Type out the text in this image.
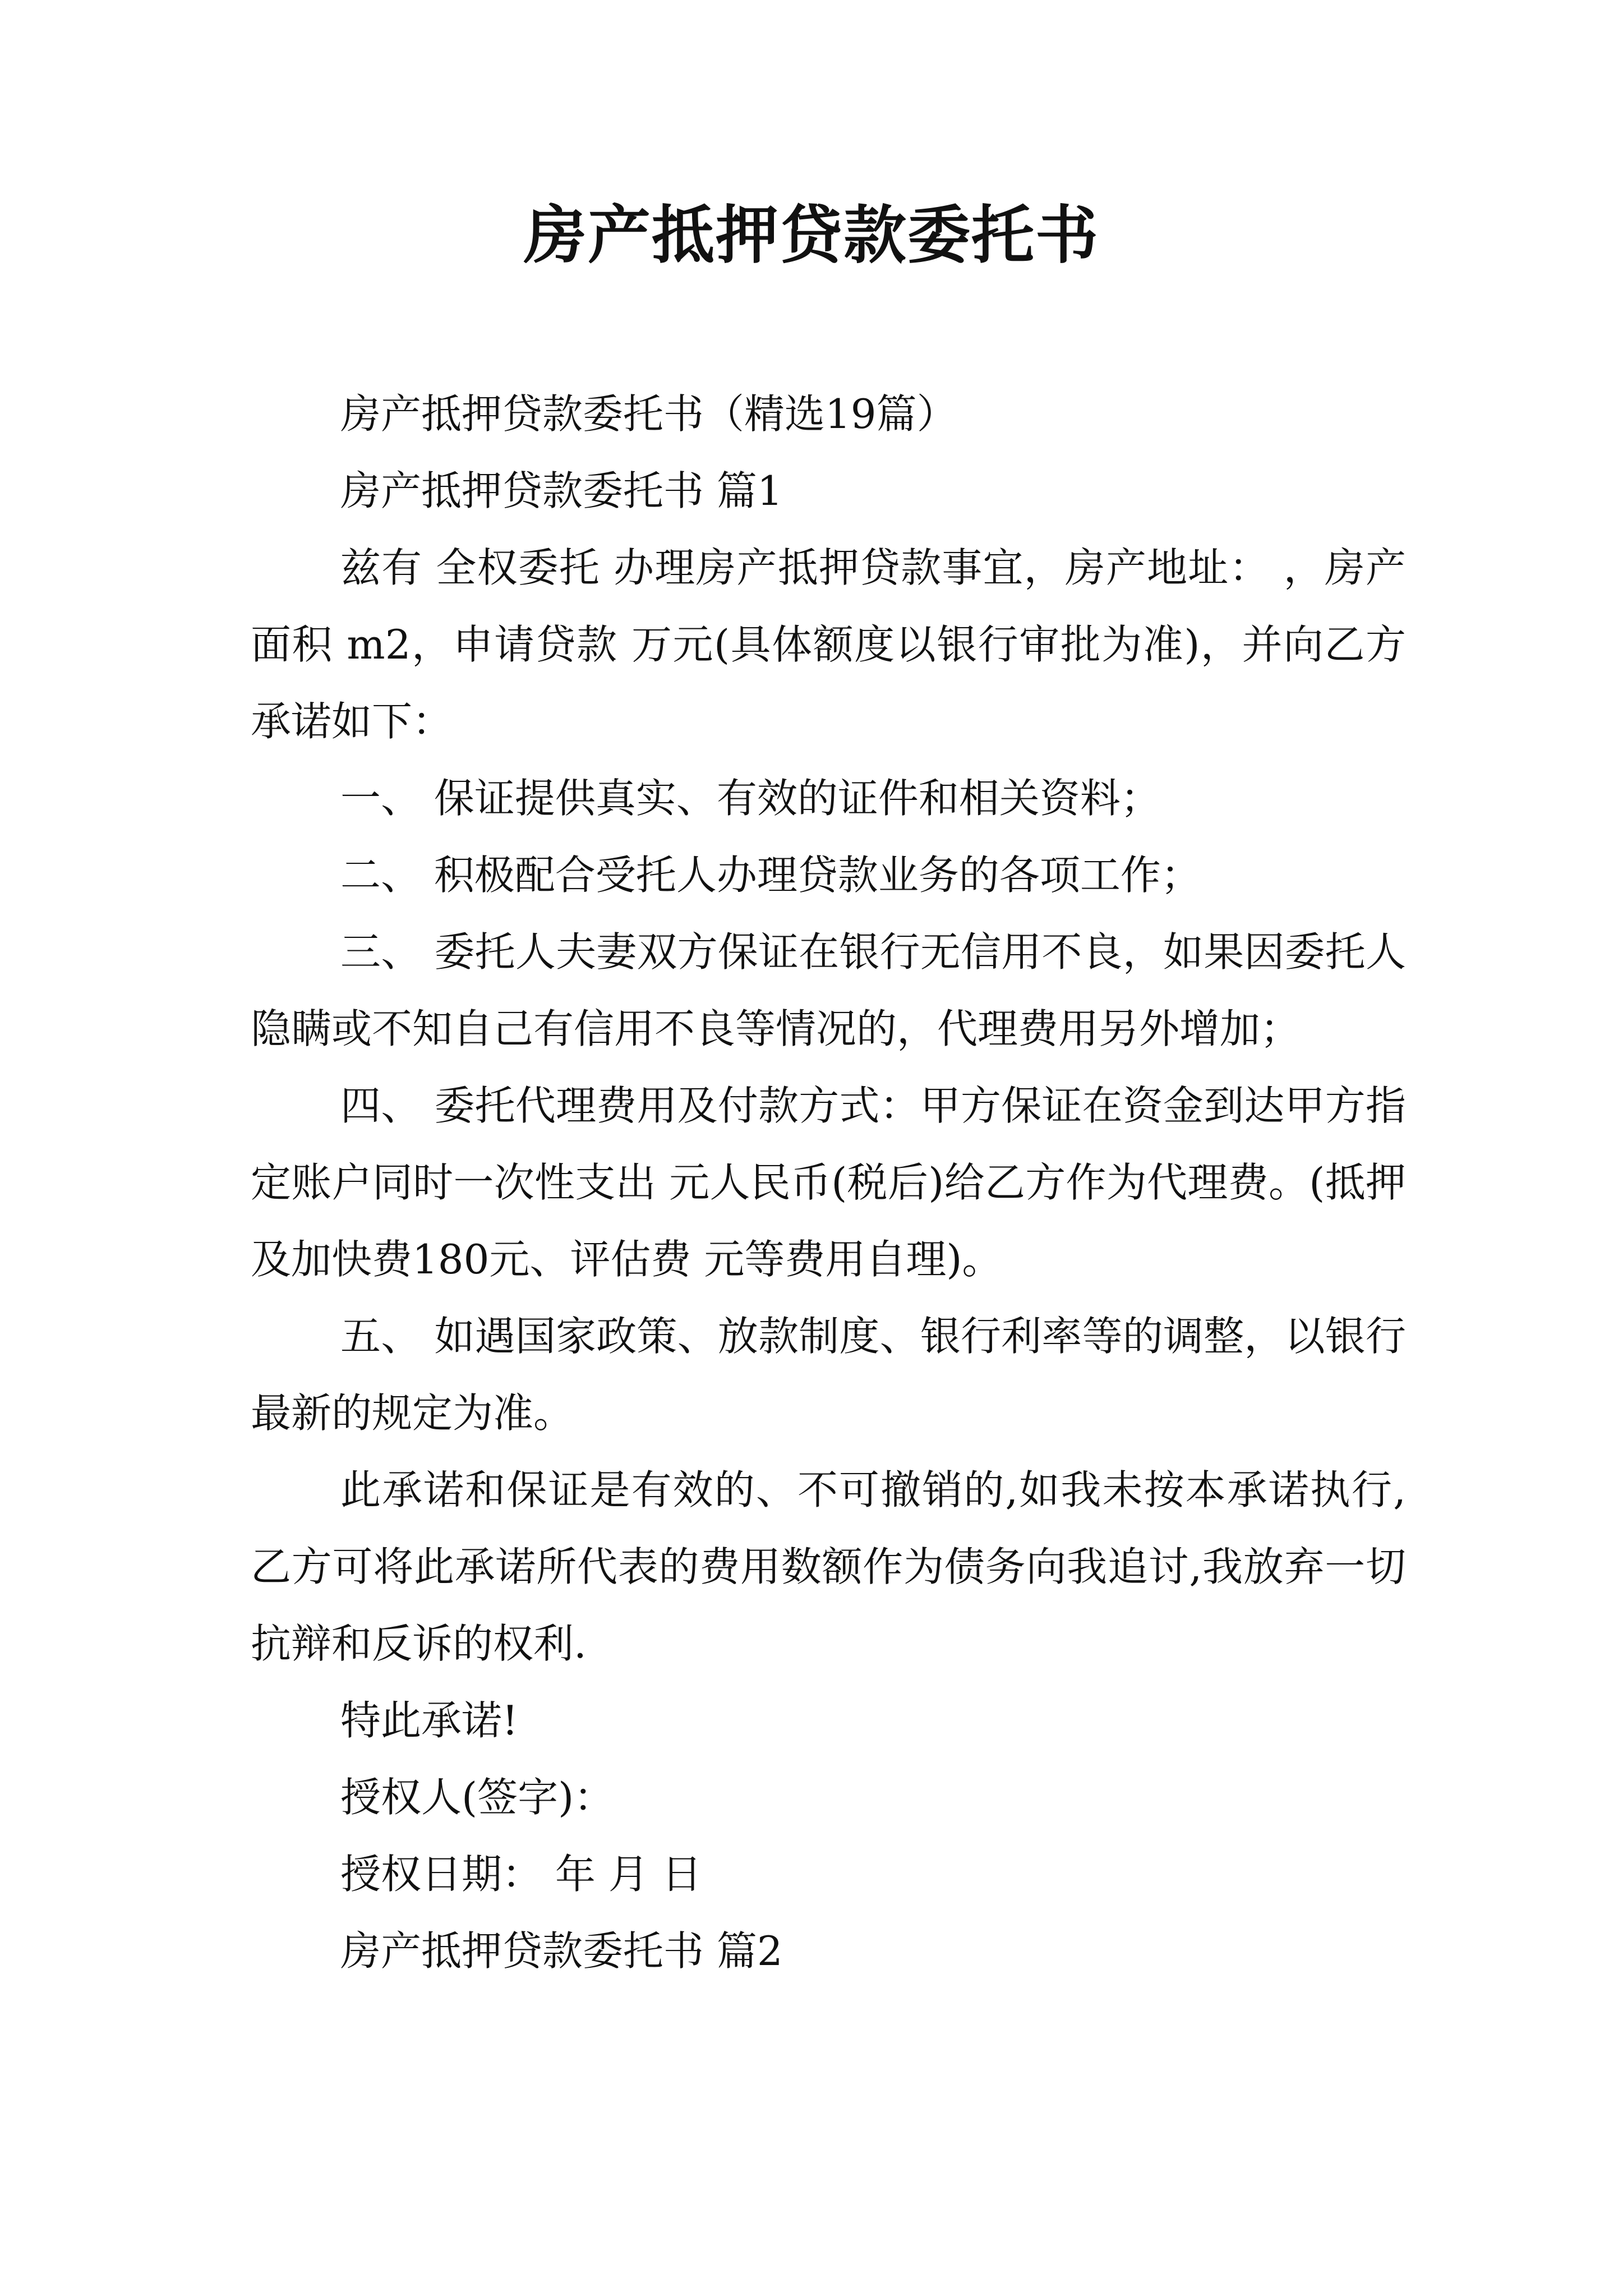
房产抵押贷款委托书

房产抵押贷款委托书（精选19篇）

房产抵押贷款委托书 篇1

兹有 全权委托 办理房产抵押贷款事宜，房产地址： ，房产面积 m2，申请贷款 万元(具体额度以银行审批为准)，并向乙方承诺如下：

一、 保证提供真实、有效的证件和相关资料；

二、 积极配合受托人办理贷款业务的各项工作；

三、 委托人夫妻双方保证在银行无信用不良，如果因委托人隐瞒或不知自己有信用不良等情况的，代理费用另外增加；

四、 委托代理费用及付款方式：甲方保证在资金到达甲方指定账户同时一次性支出 元人民币(税后)给乙方作为代理费。(抵押及加快费180元、评估费 元等费用自理)。

五、 如遇国家政策、放款制度、银行利率等的调整，以银行最新的规定为准。

此承诺和保证是有效的、不可撤销的,如我未按本承诺执行,乙方可将此承诺所代表的费用数额作为债务向我追讨,我放弃一切抗辩和反诉的权利.

特此承诺!

授权人(签字)：

授权日期： 年 月 日

房产抵押贷款委托书 篇2
